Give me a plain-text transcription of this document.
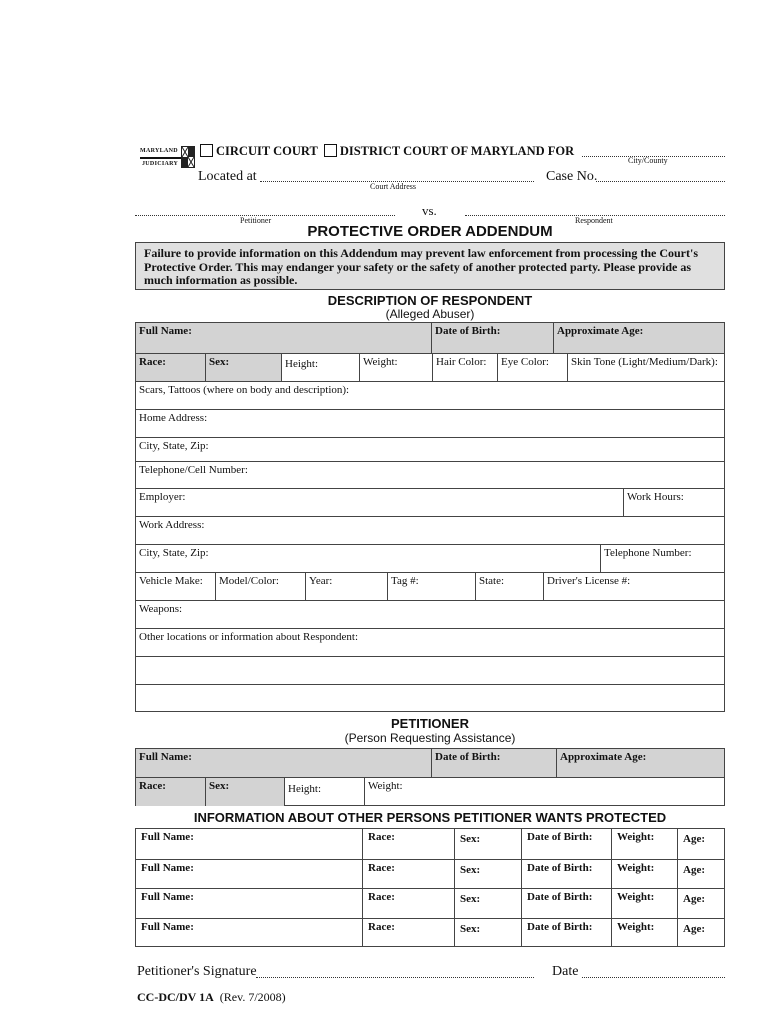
MARYLAND
JUDICIARY
CIRCUIT COURT DISTRICT COURT OF MARYLAND FOR
City/County
Located at
Court Address
Case No.
Petitioner
vs.
Respondent
PROTECTIVE ORDER ADDENDUM
Failure to provide information on this Addendum may prevent law enforcement from processing the Court's Protective Order. This may endanger your safety or the safety of another protected party. Please provide as much information as possible.
DESCRIPTION OF RESPONDENT
(Alleged Abuser)
Full Name:	Date of Birth:	Approximate Age:
Race:	Sex:	Height:	Weight:	Hair Color:	Eye Color:	Skin Tone (Light/Medium/Dark):
Scars, Tattoos (where on body and description):
Home Address:
City, State, Zip:
Telephone/Cell Number:
Employer:	Work Hours:
Work Address:
City, State, Zip:	Telephone Number:
Vehicle Make:	Model/Color:	Year:	Tag #:	State:	Driver's License #:
Weapons:
Other locations or information about Respondent:
PETITIONER
(Person Requesting Assistance)
Full Name:	Date of Birth:	Approximate Age:
Race:	Sex:	Height:	Weight:
INFORMATION ABOUT OTHER PERSONS PETITIONER WANTS PROTECTED
Full Name:	Race:	Sex:	Date of Birth:	Weight:	Age:
Full Name:	Race:	Sex:	Date of Birth:	Weight:	Age:
Full Name:	Race:	Sex:	Date of Birth:	Weight:	Age:
Full Name:	Race:	Sex:	Date of Birth:	Weight:	Age:
Petitioner's Signature	Date
CC-DC/DV 1A (Rev. 7/2008)
